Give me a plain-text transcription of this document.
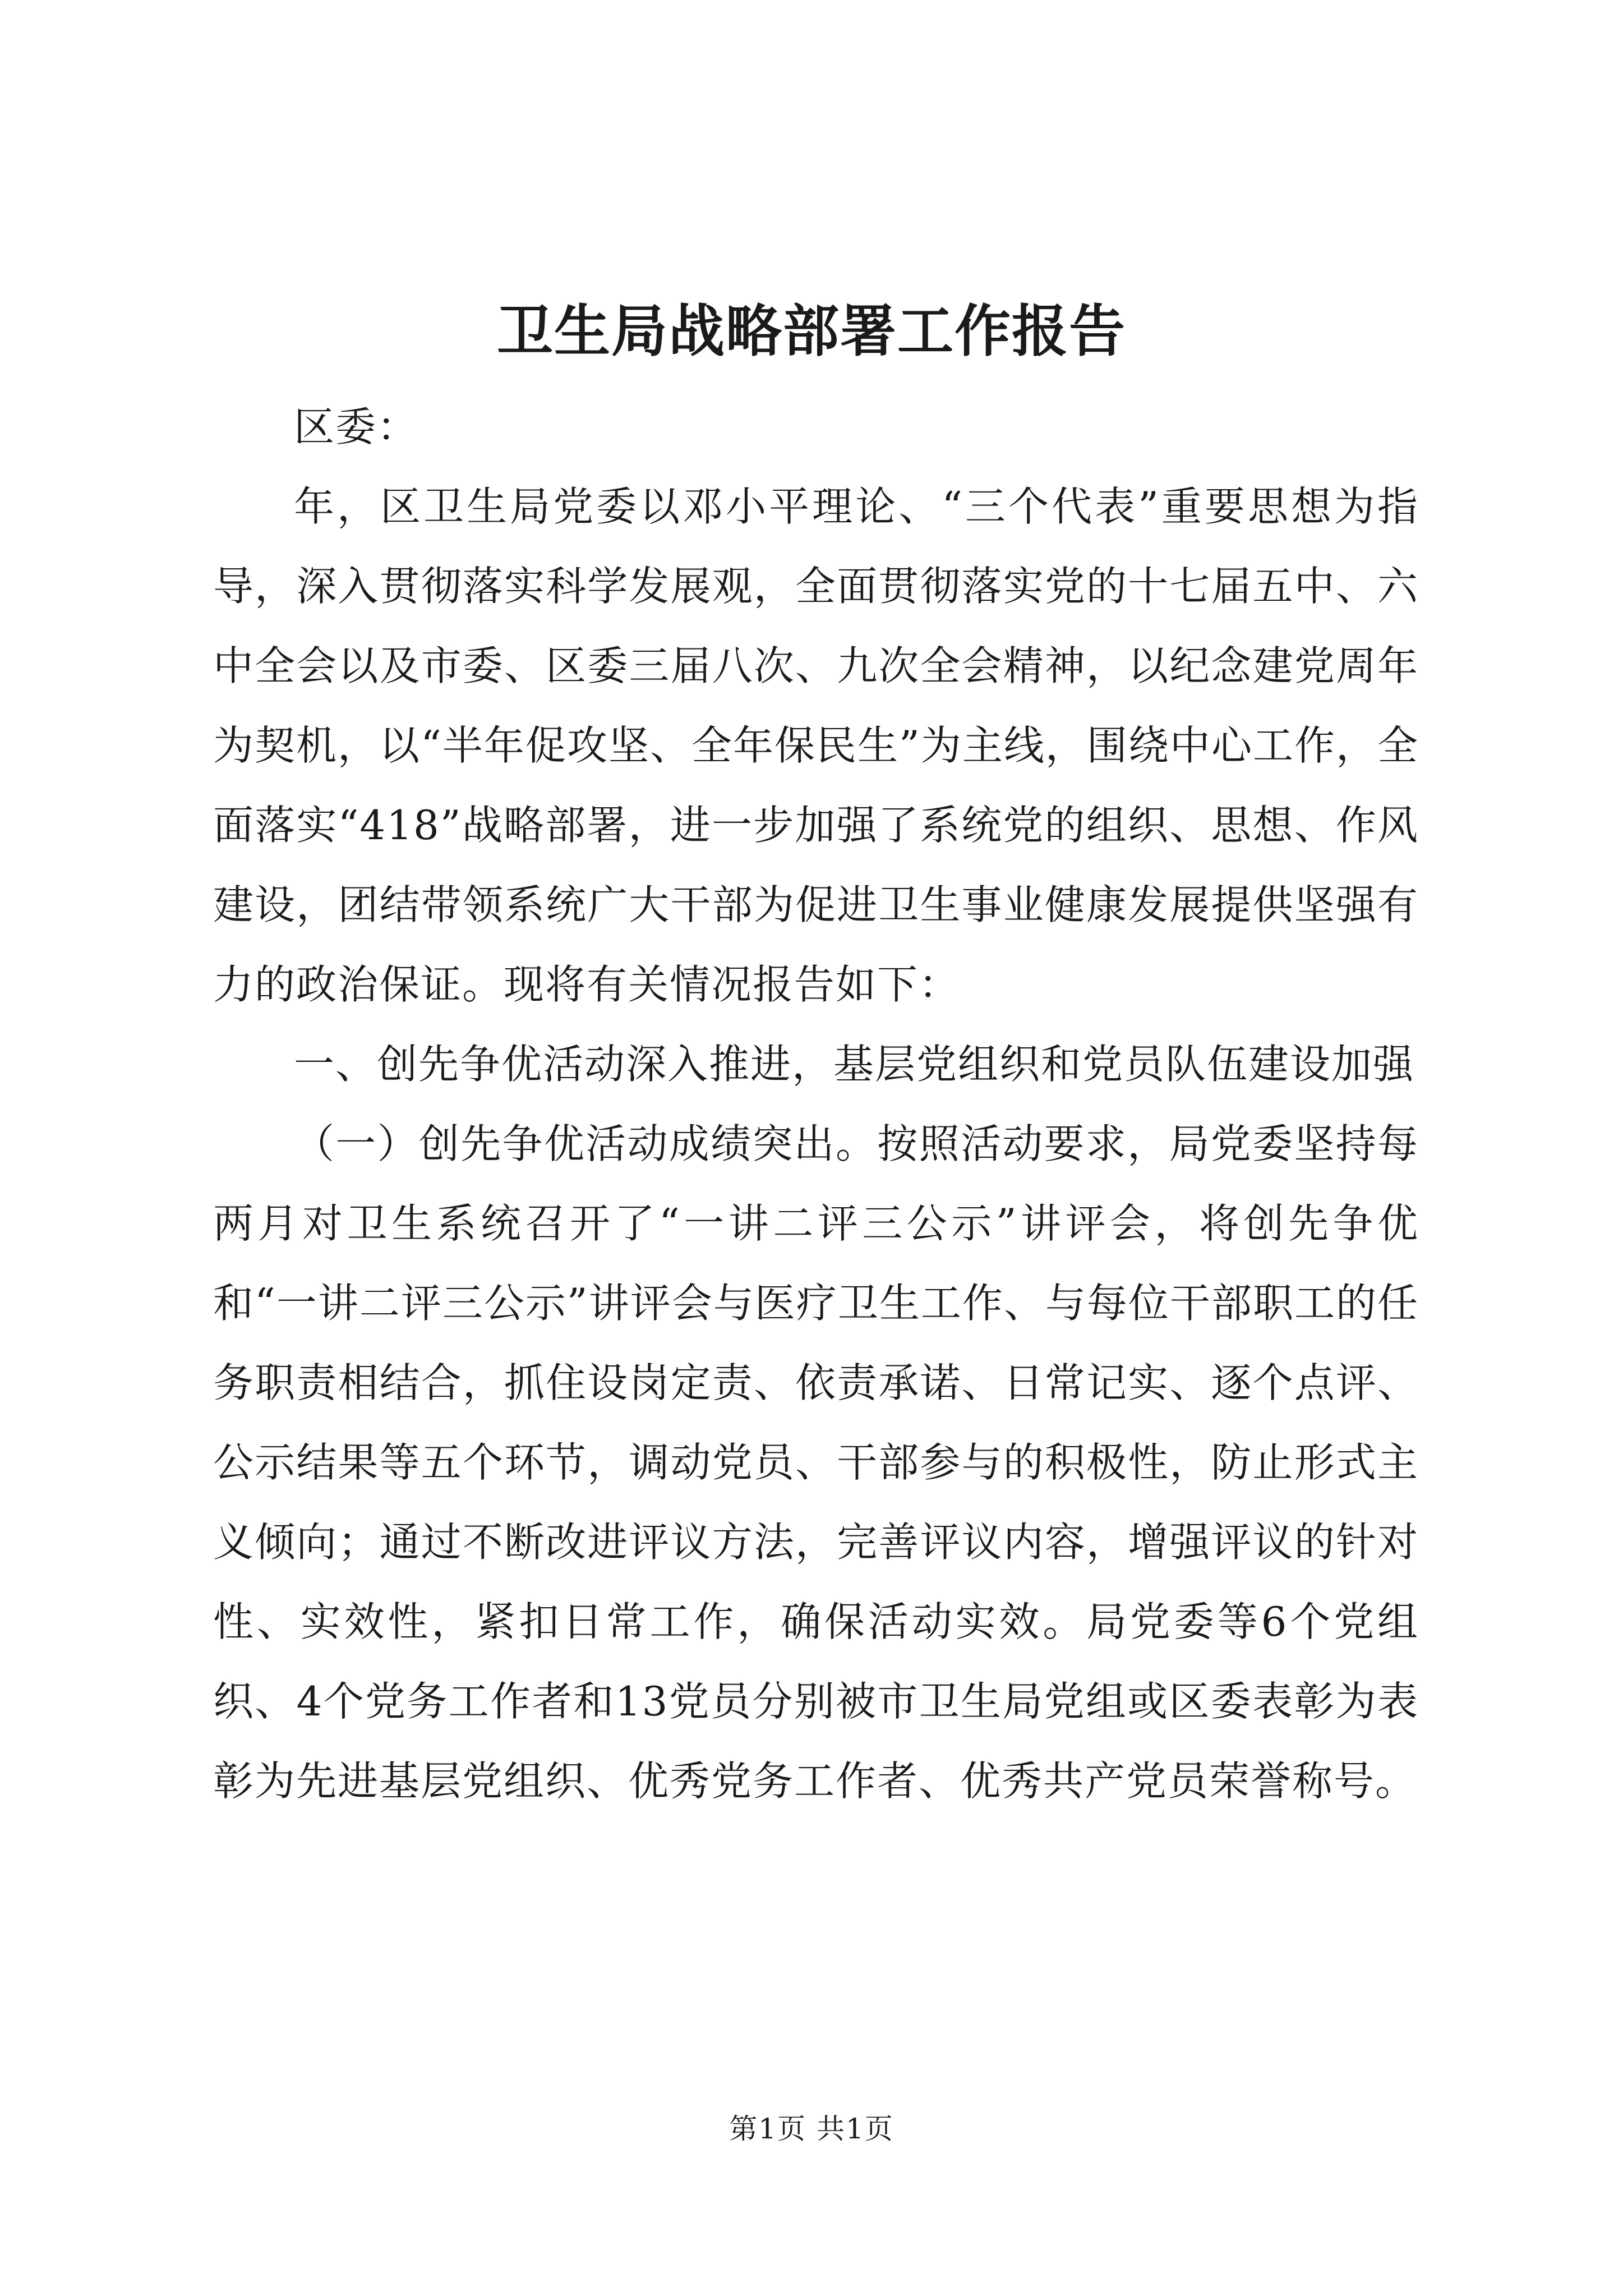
卫生局战略部署工作报告

区委：

年，区卫生局党委以邓小平理论、“三个代表”重要思想为指导，深入贯彻落实科学发展观，全面贯彻落实党的十七届五中、六中全会以及市委、区委三届八次、九次全会精神，以纪念建党周年为契机，以“半年促攻坚、全年保民生”为主线，围绕中心工作，全面落实“418”战略部署，进一步加强了系统党的组织、思想、作风建设，团结带领系统广大干部为促进卫生事业健康发展提供坚强有力的政治保证。现将有关情况报告如下：

一、创先争优活动深入推进，基层党组织和党员队伍建设加强

（一）创先争优活动成绩突出。按照活动要求，局党委坚持每两月对卫生系统召开了“一讲二评三公示”讲评会，将创先争优和“一讲二评三公示”讲评会与医疗卫生工作、与每位干部职工的任务职责相结合，抓住设岗定责、依责承诺、日常记实、逐个点评、公示结果等五个环节，调动党员、干部参与的积极性，防止形式主义倾向；通过不断改进评议方法，完善评议内容，增强评议的针对性、实效性，紧扣日常工作，确保活动实效。局党委等6个党组织、4个党务工作者和13党员分别被市卫生局党组或区委表彰为表彰为先进基层党组织、优秀党务工作者、优秀共产党员荣誉称号。

第1页 共1页
